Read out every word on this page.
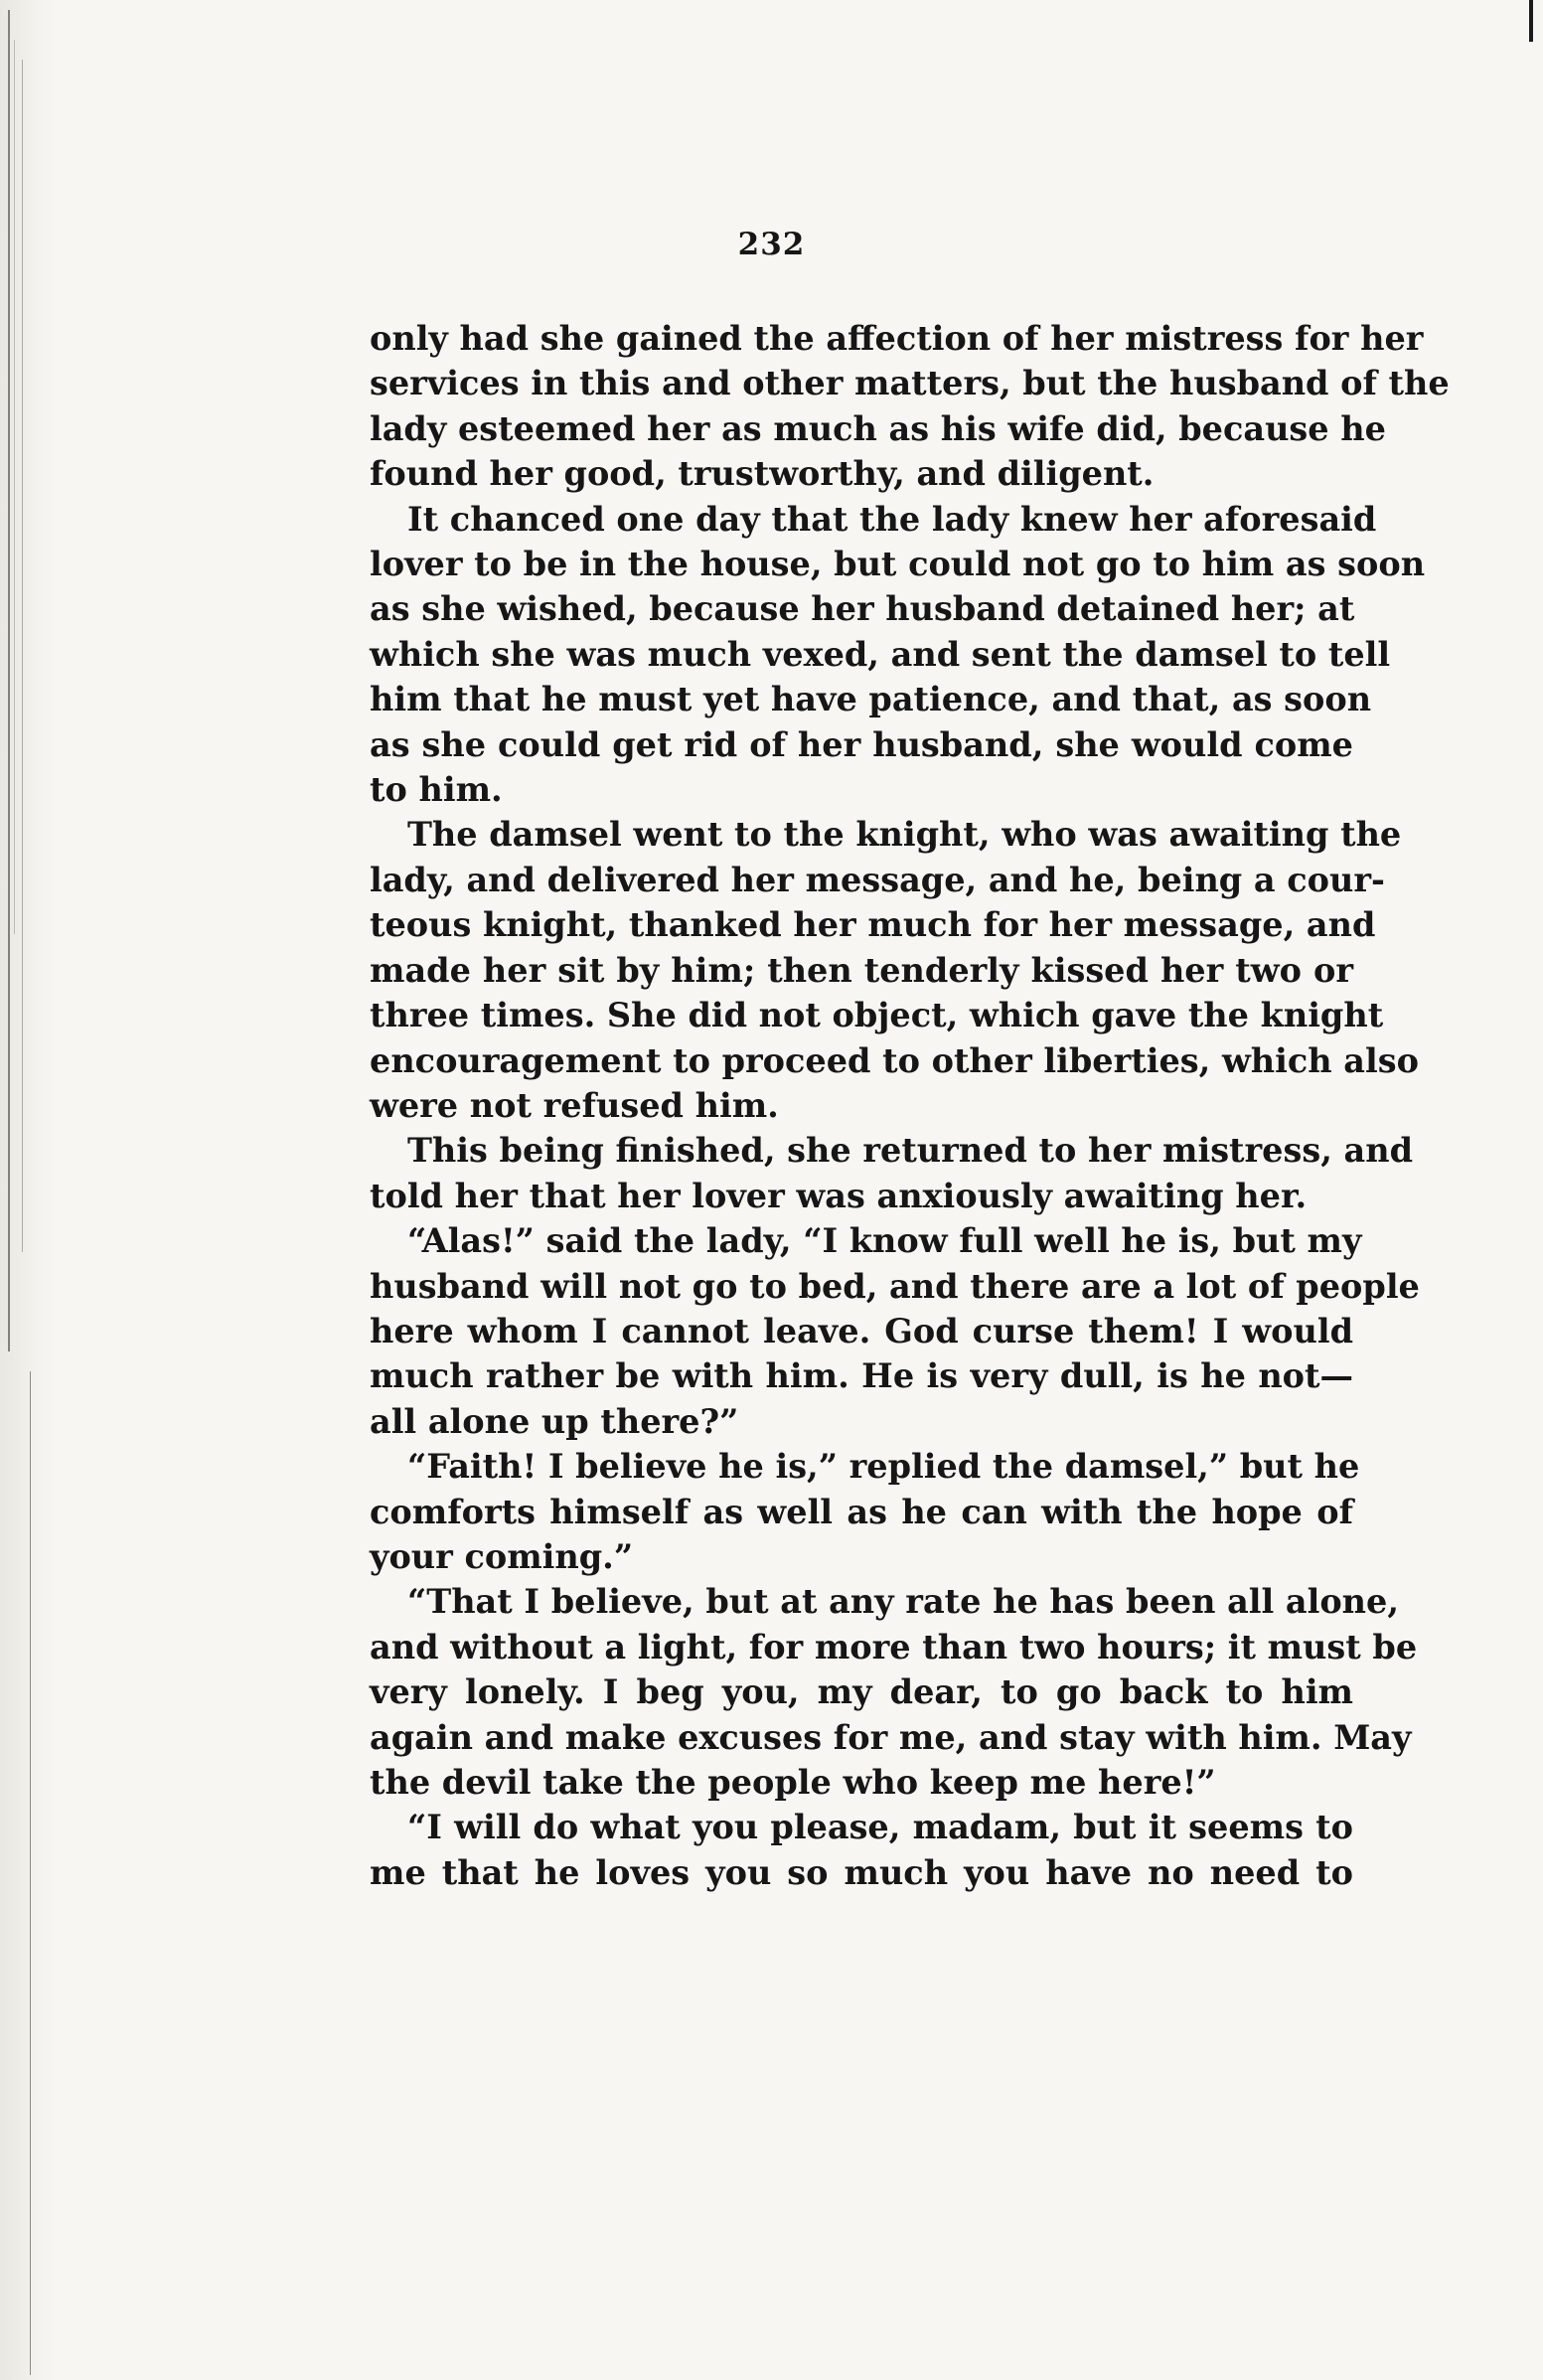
232
only had she gained the affection of her mistress for her
services in this and other matters, but the husband of the
lady esteemed her as much as his wife did, because he
found her good, trustworthy, and diligent.
It chanced one day that the lady knew her aforesaid
lover to be in the house, but could not go to him as soon
as she wished, because her husband detained her; at
which she was much vexed, and sent the damsel to tell
him that he must yet have patience, and that, as soon
as she could get rid of her husband, she would come
to him.
The damsel went to the knight, who was awaiting the
lady, and delivered her message, and he, being a cour-
teous knight, thanked her much for her message, and
made her sit by him; then tenderly kissed her two or
three times. She did not object, which gave the knight
encouragement to proceed to other liberties, which also
were not refused him.
This being finished, she returned to her mistress, and
told her that her lover was anxiously awaiting her.
“Alas!” said the lady, “I know full well he is, but my
husband will not go to bed, and there are a lot of people
here whom I cannot leave. God curse them! I would
much rather be with him. He is very dull, is he not—
all alone up there?”
“Faith! I believe he is,” replied the damsel,” but he
comforts himself as well as he can with the hope of
your coming.”
“That I believe, but at any rate he has been all alone,
and without a light, for more than two hours; it must be
very lonely. I beg you, my dear, to go back to him
again and make excuses for me, and stay with him. May
the devil take the people who keep me here!”
“I will do what you please, madam, but it seems to
me that he loves you so much you have no need to
